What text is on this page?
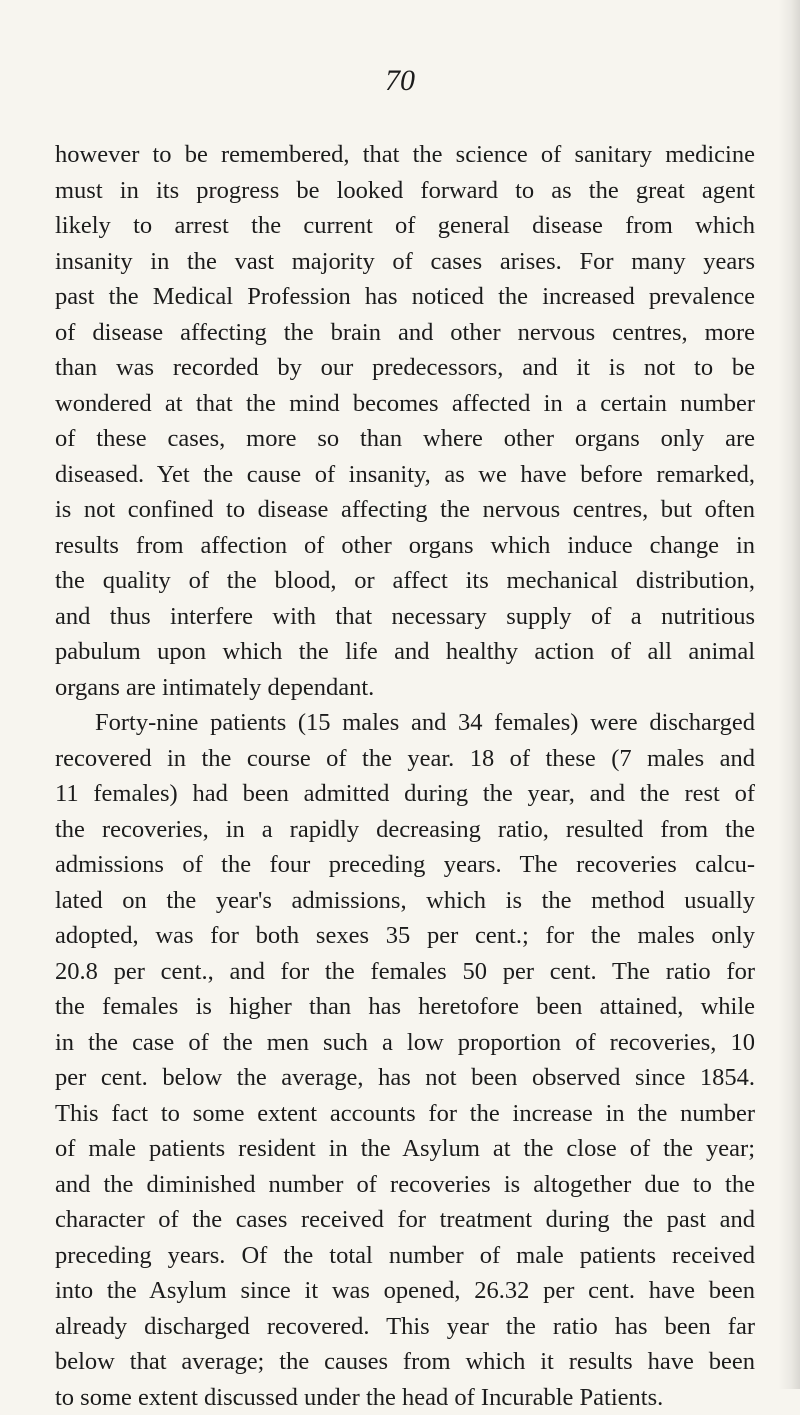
70
however to be remembered, that the science of sanitary medicine
must in its progress be looked forward to as the great agent
likely to arrest the current of general disease from which
insanity in the vast majority of cases arises. For many years
past the Medical Profession has noticed the increased prevalence
of disease affecting the brain and other nervous centres, more
than was recorded by our predecessors, and it is not to be
wondered at that the mind becomes affected in a certain number
of these cases, more so than where other organs only are
diseased. Yet the cause of insanity, as we have before remarked,
is not confined to disease affecting the nervous centres, but often
results from affection of other organs which induce change in
the quality of the blood, or affect its mechanical distribution,
and thus interfere with that necessary supply of a nutritious
pabulum upon which the life and healthy action of all animal
organs are intimately dependant.
Forty-nine patients (15 males and 34 females) were discharged
recovered in the course of the year. 18 of these (7 males and
11 females) had been admitted during the year, and the rest of
the recoveries, in a rapidly decreasing ratio, resulted from the
admissions of the four preceding years. The recoveries calcu-
lated on the year's admissions, which is the method usually
adopted, was for both sexes 35 per cent.; for the males only
20.8 per cent., and for the females 50 per cent. The ratio for
the females is higher than has heretofore been attained, while
in the case of the men such a low proportion of recoveries, 10
per cent. below the average, has not been observed since 1854.
This fact to some extent accounts for the increase in the number
of male patients resident in the Asylum at the close of the year;
and the diminished number of recoveries is altogether due to the
character of the cases received for treatment during the past and
preceding years. Of the total number of male patients received
into the Asylum since it was opened, 26.32 per cent. have been
already discharged recovered. This year the ratio has been far
below that average; the causes from which it results have been
to some extent discussed under the head of Incurable Patients.
